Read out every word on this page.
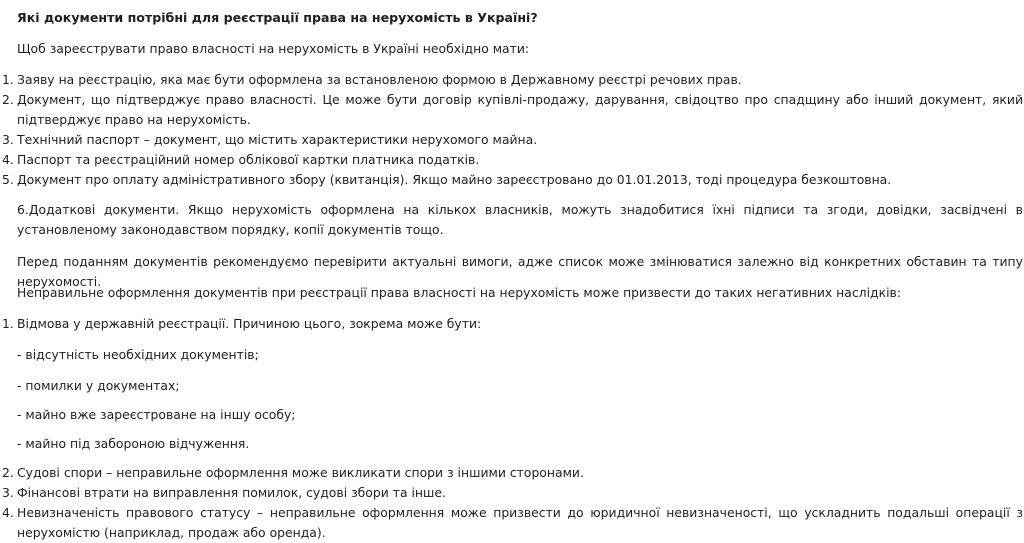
Які документи потрібні для реєстрації права на нерухомість в Україні?

Щоб зареєструвати право власності на нерухомість в Україні необхідно мати:

1. Заяву на реєстрацію, яка має бути оформлена за встановленою формою в Державному реєстрі речових прав.
2. Документ, що підтверджує право власності. Це може бути договір купівлі-продажу, дарування, свідоцтво про спадщину або інший документ, який підтверджує право на нерухомість.
3. Технічний паспорт – документ, що містить характеристики нерухомого майна.
4. Паспорт та реєстраційний номер облікової картки платника податків.
5. Документ про оплату адміністративного збору (квитанція). Якщо майно зареєстровано до 01.01.2013, тоді процедура безкоштовна.

6.Додаткові документи. Якщо нерухомість оформлена на кількох власників, можуть знадобитися їхні підписи та згоди, довідки, засвідчені в установленому законодавством порядку, копії документів тощо.

Перед поданням документів рекомендуємо перевірити актуальні вимоги, адже список може змінюватися залежно від конкретних обставин та типу нерухомості.

Неправильне оформлення документів при реєстрації права власності на нерухомість може призвести до таких негативних наслідків:

1. Відмова у державній реєстрації. Причиною цього, зокрема може бути:

- відсутність необхідних документів;

- помилки у документах;

- майно вже зареєстроване на іншу особу;

- майно під забороною відчуження.

2. Судові спори – неправильне оформлення може викликати спори з іншими сторонами.
3. Фінансові втрати на виправлення помилок, судові збори та інше.
4. Невизначеність правового статусу – неправильне оформлення може призвести до юридичної невизначеності, що ускладнить подальші операції з нерухомістю (наприклад, продаж або оренда).
